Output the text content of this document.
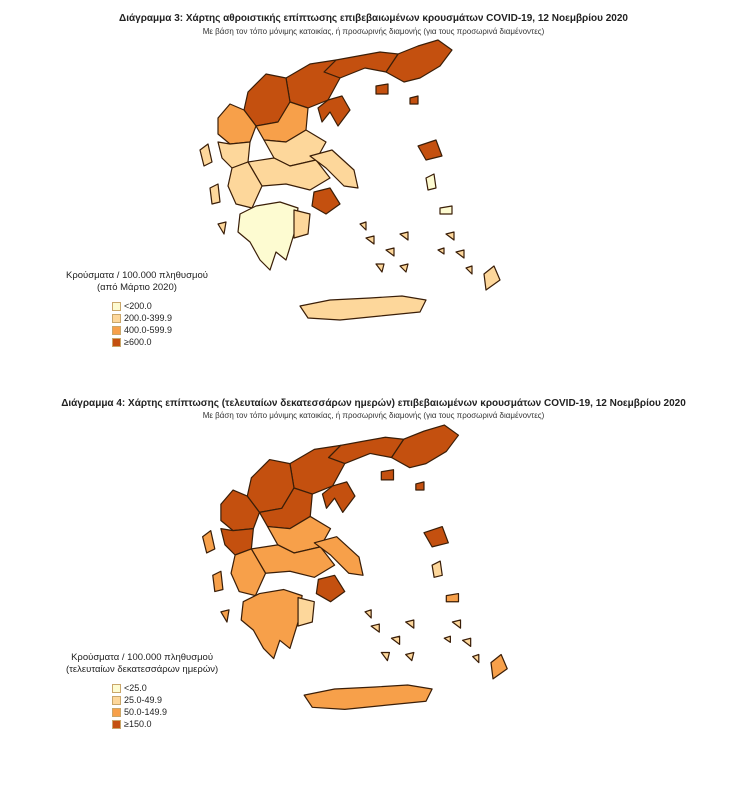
Διάγραμμα 3: Χάρτης αθροιστικής επίπτωσης επιβεβαιωμένων κρουσμάτων COVID-19, 12 Νοεμβρίου 2020
Με βάση τον τόπο μόνιμης κατοικίας, ή προσωρινής διαμονής (για τους προσωρινά διαμένοντες)
Κρούσματα / 100.000 πληθυσμού
(από Μάρτιο 2020)
<200.0
200.0-399.9
400.0-599.9
≥600.0
Διάγραμμα 4: Χάρτης επίπτωσης (τελευταίων δεκατεσσάρων ημερών) επιβεβαιωμένων κρουσμάτων COVID-19, 12 Νοεμβρίου 2020
Με βάση τον τόπο μόνιμης κατοικίας, ή προσωρινής διαμονής (για τους προσωρινά διαμένοντες)
Κρούσματα / 100.000 πληθυσμού
(τελευταίων δεκατεσσάρων ημερών)
<25.0
25.0-49.9
50.0-149.9
≥150.0
